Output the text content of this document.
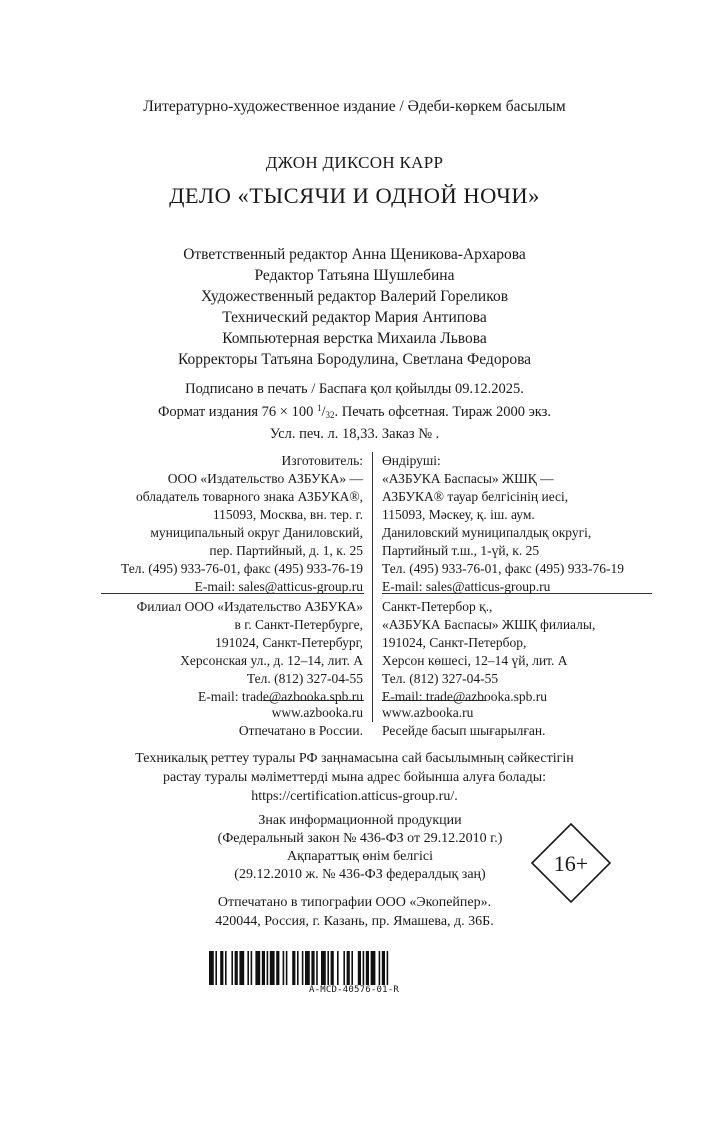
Литературно-художественное издание / Әдеби-көркем басылым
ДЖОН ДИКСОН КАРР
ДЕЛО «ТЫСЯЧИ И ОДНОЙ НОЧИ»
Ответственный редактор Анна Щеникова-Архарова
Редактор Татьяна Шушлебина
Художественный редактор Валерий Гореликов
Технический редактор Мария Антипова
Компьютерная верстка Михаила Львова
Корректоры Татьяна Бородулина, Светлана Федорова
Подписано в печать / Баспаға қол қойылды 09.12.2025.
Формат издания 76 × 100 $^1/_{32}$. Печать офсетная. Тираж 2000 экз.
Усл. печ. л. 18,33. Заказ № .
Изготовитель:
ООО «Издательство АЗБУКА» —
обладатель товарного знака АЗБУКА®,
115093, Москва, вн. тер. г.
муниципальный округ Даниловский,
пер. Партийный, д. 1, к. 25
Тел. (495) 933-76-01, факс (495) 933-76-19
E-mail: sales@atticus-group.ru
Өндіруші:
«АЗБУКА Баспасы» ЖШҚ —
АЗБУКА® тауар белгісінің иесі,
115093, Мәскеу, қ. іш. аум.
Даниловский муниципалдық округі,
Партийный т.ш., 1-үй, к. 25
Тел. (495) 933-76-01, факс (495) 933-76-19
E-mail: sales@atticus-group.ru
Филиал ООО «Издательство АЗБУКА»
в г. Санкт-Петербурге,
191024, Санкт-Петербург,
Херсонская ул., д. 12–14, лит. А
Тел. (812) 327-04-55
E-mail: trade@azbooka.spb.ru
Санкт-Петербор қ.,
«АЗБУКА Баспасы» ЖШҚ филиалы,
191024, Санкт-Петербор,
Херсон көшесі, 12–14 үй, лит. А
Тел. (812) 327-04-55
E-mail: trade@azbooka.spb.ru
www.azbooka.ru
Отпечатано в России.
www.azbooka.ru
Ресейде басып шығарылған.
Техникалық реттеу туралы РФ заңнамасына сай басылымның сәйкестігін
растау туралы мәліметтерді мына адрес бойынша алуға болады:
https://certification.atticus-group.ru/.
Знак информационной продукции
(Федеральный закон № 436-ФЗ от 29.12.2010 г.)
Ақпараттық өнім белгісі
(29.12.2010 ж. № 436-ФЗ федералдық заң)	16+
Отпечатано в типографии ООО «Экопейпер».
420044, Россия, г. Казань, пр. Ямашева, д. 36Б.
A-MCD-40576-01-R
